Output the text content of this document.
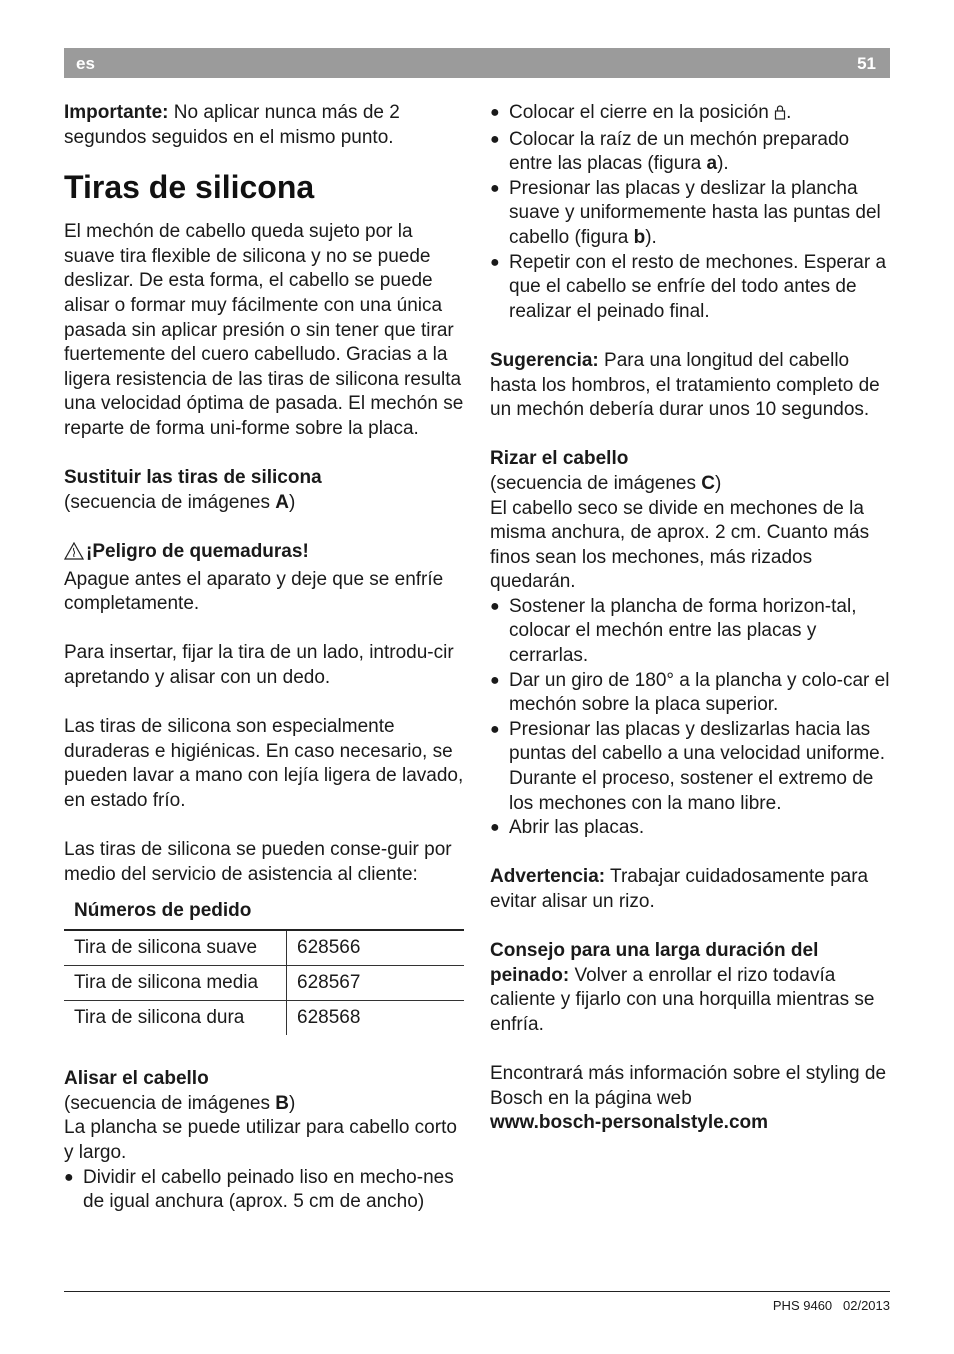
es	51

Importante: No aplicar nunca más de 2 segundos seguidos en el mismo punto.

Tiras de silicona

El mechón de cabello queda sujeto por la suave tira flexible de silicona y no se puede deslizar. De esta forma, el cabello se puede alisar o formar muy fácilmente con una única pasada sin aplicar presión o sin tener que tirar fuertemente del cuero cabelludo. Gracias a la ligera resistencia de las tiras de silicona resulta una velocidad óptima de pasada. El mechón se reparte de forma uni-forme sobre la placa.

Sustituir las tiras de silicona

(secuencia de imágenes A)

¡Peligro de quemaduras!

Apague antes el aparato y deje que se enfríe completamente.

Para insertar, fijar la tira de un lado, introdu-cir apretando y alisar con un dedo.

Las tiras de silicona son especialmente duraderas e higiénicas. En caso necesario, se pueden lavar a mano con lejía ligera de lavado, en estado frío.

Las tiras de silicona se pueden conse-guir por medio del servicio de asistencia al cliente:

Números de pedido
Tira de silicona suave	628566
Tira de silicona media	628567
Tira de silicona dura	628568

Alisar el cabello

(secuencia de imágenes B)

La plancha se puede utilizar para cabello corto y largo.

● Dividir el cabello peinado liso en mecho-nes de igual anchura (aprox. 5 cm de ancho)
● Colocar el cierre en la posición .
● Colocar la raíz de un mechón preparado entre las placas (figura a).
● Presionar las placas y deslizar la plancha suave y uniformemente hasta las puntas del cabello (figura b).
● Repetir con el resto de mechones. Esperar a que el cabello se enfríe del todo antes de realizar el peinado final.

Sugerencia: Para una longitud del cabello hasta los hombros, el tratamiento completo de un mechón debería durar unos 10 segundos.

Rizar el cabello

(secuencia de imágenes C)

El cabello seco se divide en mechones de la misma anchura, de aprox. 2 cm. Cuanto más finos sean los mechones, más rizados quedarán.

● Sostener la plancha de forma horizon-tal, colocar el mechón entre las placas y cerrarlas.
● Dar un giro de 180° a la plancha y colo-car el mechón sobre la placa superior.
● Presionar las placas y deslizarlas hacia las puntas del cabello a una velocidad uniforme. Durante el proceso, sostener el extremo de los mechones con la mano libre.
● Abrir las placas.

Advertencia: Trabajar cuidadosamente para evitar alisar un rizo.

Consejo para una larga duración del peinado: Volver a enrollar el rizo todavía caliente y fijarlo con una horquilla mientras se enfría.

Encontrará más información sobre el styling de Bosch en la página web

www.bosch-personalstyle.com

PHS 9460 02/2013
